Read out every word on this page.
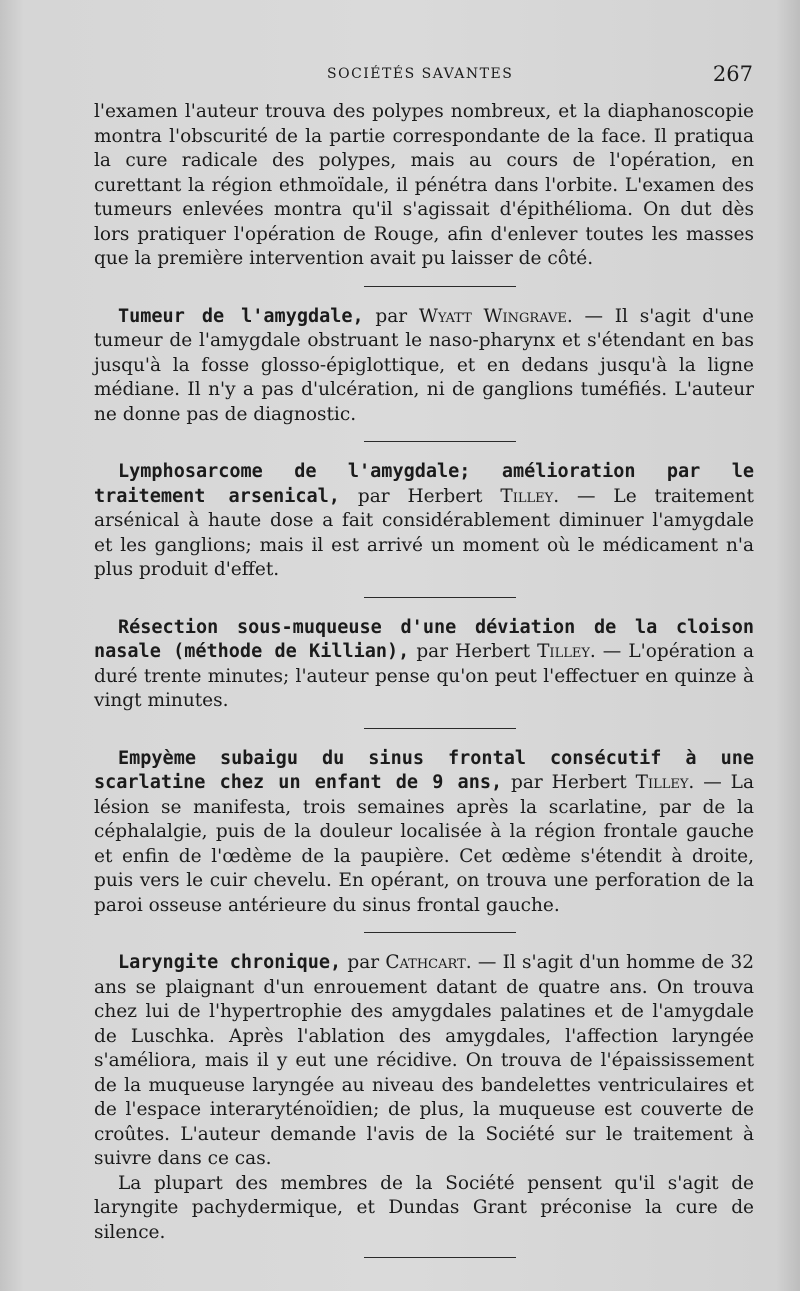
SOCIÉTÉS SAVANTES	267

l'examen l'auteur trouva des polypes nombreux, et la diaphanoscopie montra l'obscurité de la partie correspondante de la face. Il pratiqua la cure radicale des polypes, mais au cours de l'opération, en curettant la région ethmoïdale, il pénétra dans l'orbite. L'examen des tumeurs enlevées montra qu'il s'agissait d'épithélioma. On dut dès lors pratiquer l'opération de Rouge, afin d'enlever toutes les masses que la première intervention avait pu laisser de côté.

Tumeur de l'amygdale, par Wyatt Wingrave. — Il s'agit d'une tumeur de l'amygdale obstruant le naso-pharynx et s'étendant en bas jusqu'à la fosse glosso-épiglottique, et en dedans jusqu'à la ligne médiane. Il n'y a pas d'ulcération, ni de ganglions tuméfiés. L'auteur ne donne pas de diagnostic.

Lymphosarcome de l'amygdale; amélioration par le traitement arsenical, par Herbert Tilley. — Le traitement arsénical à haute dose a fait considérablement diminuer l'amygdale et les ganglions; mais il est arrivé un moment où le médicament n'a plus produit d'effet.

Résection sous-muqueuse d'une déviation de la cloison nasale (méthode de Killian), par Herbert Tilley. — L'opération a duré trente minutes; l'auteur pense qu'on peut l'effectuer en quinze à vingt minutes.

Empyème subaigu du sinus frontal consécutif à une scarlatine chez un enfant de 9 ans, par Herbert Tilley. — La lésion se manifesta, trois semaines après la scarlatine, par de la céphalalgie, puis de la douleur localisée à la région frontale gauche et enfin de l'œdème de la paupière. Cet œdème s'étendit à droite, puis vers le cuir chevelu. En opérant, on trouva une perforation de la paroi osseuse antérieure du sinus frontal gauche.

Laryngite chronique, par Cathcart. — Il s'agit d'un homme de 32 ans se plaignant d'un enrouement datant de quatre ans. On trouva chez lui de l'hypertrophie des amygdales palatines et de l'amygdale de Luschka. Après l'ablation des amygdales, l'affection laryngée s'améliora, mais il y eut une récidive. On trouva de l'épaississement de la muqueuse laryngée au niveau des bandelettes ventriculaires et de l'espace interaryténoïdien; de plus, la muqueuse est couverte de croûtes. L'auteur demande l'avis de la Société sur le traitement à suivre dans ce cas.

La plupart des membres de la Société pensent qu'il s'agit de laryngite pachydermique, et Dundas Grant préconise la cure de silence.
